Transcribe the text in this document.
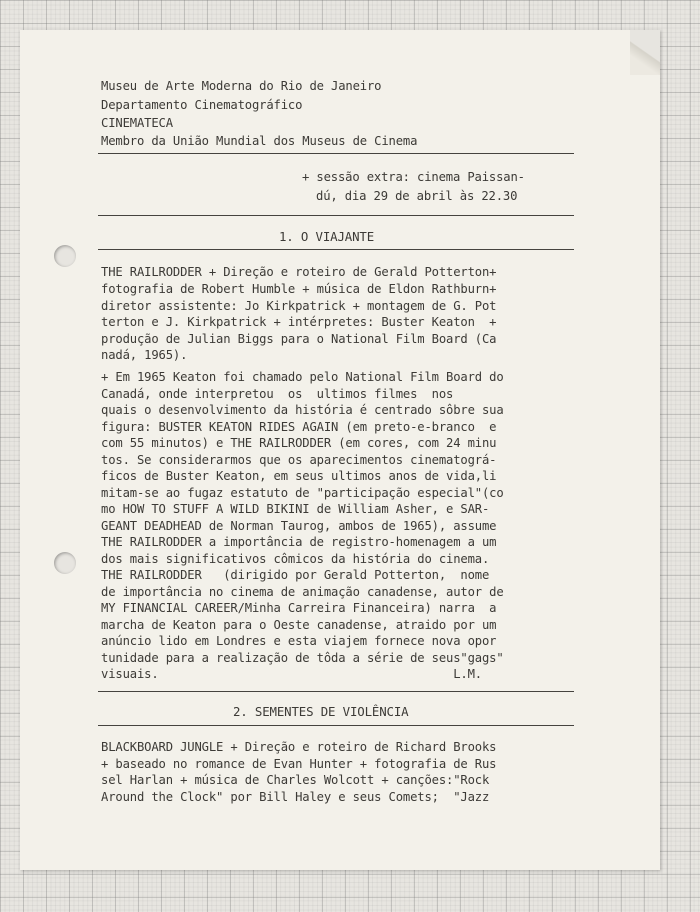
Museu de Arte Moderna do Rio de Janeiro
Departamento Cinematográfico
CINEMATECA
Membro da União Mundial dos Museus de Cinema
+ sessão extra: cinema Paissan-
dú, dia 29 de abril às 22.30
1. O VIAJANTE
THE RAILRODDER + Direção e roteiro de Gerald Potterton+
fotografia de Robert Humble + música de Eldon Rathburn+
diretor assistente: Jo Kirkpatrick + montagem de G. Pot
terton e J. Kirkpatrick + intérpretes: Buster Keaton  +
produção de Julian Biggs para o National Film Board (Ca
nadá, 1965).
+ Em 1965 Keaton foi chamado pelo National Film Board do
Canadá, onde interpretou  os  ultimos filmes  nos
quais o desenvolvimento da história é centrado sôbre sua
figura: BUSTER KEATON RIDES AGAIN (em preto-e-branco  e
com 55 minutos) e THE RAILRODDER (em cores, com 24 minu
tos. Se considerarmos que os aparecimentos cinematográ-
ficos de Buster Keaton, em seus ultimos anos de vida,li
mitam-se ao fugaz estatuto de "participação especial"(co
mo HOW TO STUFF A WILD BIKINI de William Asher, e SAR-
GEANT DEADHEAD de Norman Taurog, ambos de 1965), assume
THE RAILRODDER a importância de registro-homenagem a um
dos mais significativos cômicos da história do cinema.
THE RAILRODDER   (dirigido por Gerald Potterton,  nome
de importância no cinema de animação canadense, autor de
MY FINANCIAL CAREER/Minha Carreira Financeira) narra  a
marcha de Keaton para o Oeste canadense, atraido por um
anúncio lido em Londres e esta viajem fornece nova opor
tunidade para a realização de tôda a série de seus"gags"
visuais.                                         L.M.
2. SEMENTES DE VIOLÊNCIA
BLACKBOARD JUNGLE + Direção e roteiro de Richard Brooks
+ baseado no romance de Evan Hunter + fotografia de Rus
sel Harlan + música de Charles Wolcott + canções:"Rock
Around the Clock" por Bill Haley e seus Comets;  "Jazz
